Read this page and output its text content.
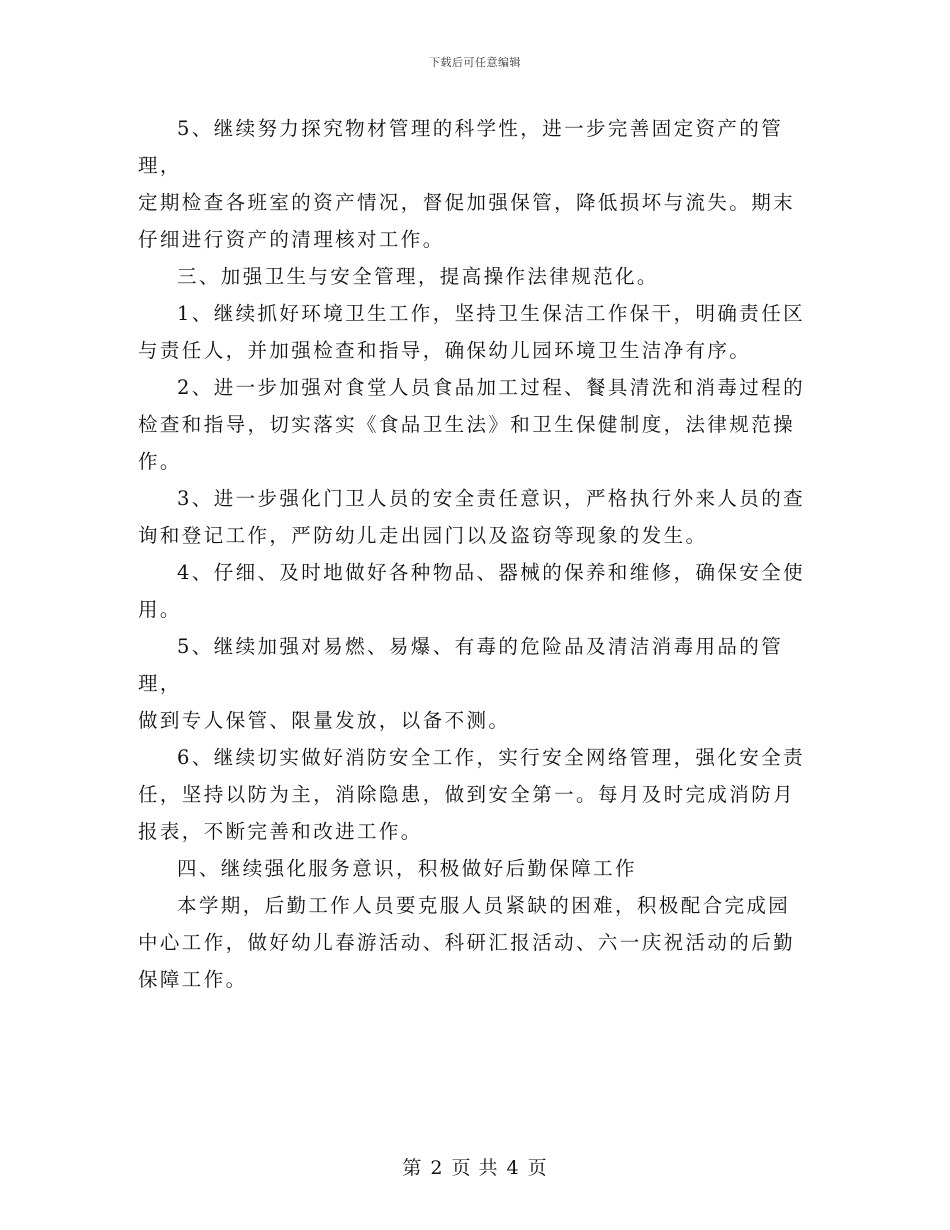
下载后可任意编辑

5、继续努力探究物材管理的科学性，进一步完善固定资产的管理，
定期检查各班室的资产情况，督促加强保管，降低损坏与流失。期末
仔细进行资产的清理核对工作。

三、加强卫生与安全管理，提高操作法律规范化。

1、继续抓好环境卫生工作，坚持卫生保洁工作保干，明确责任区
与责任人，并加强检查和指导，确保幼儿园环境卫生洁净有序。

2、进一步加强对食堂人员食品加工过程、餐具清洗和消毒过程的
检查和指导，切实落实《食品卫生法》和卫生保健制度，法律规范操
作。

3、进一步强化门卫人员的安全责任意识，严格执行外来人员的查
询和登记工作，严防幼儿走出园门以及盗窃等现象的发生。

4、仔细、及时地做好各种物品、器械的保养和维修，确保安全使
用。

5、继续加强对易燃、易爆、有毒的危险品及清洁消毒用品的管理，
做到专人保管、限量发放，以备不测。

6、继续切实做好消防安全工作，实行安全网络管理，强化安全责
任，坚持以防为主，消除隐患，做到安全第一。每月及时完成消防月
报表，不断完善和改进工作。

四、继续强化服务意识，积极做好后勤保障工作

本学期，后勤工作人员要克服人员紧缺的困难，积极配合完成园
中心工作，做好幼儿春游活动、科研汇报活动、六一庆祝活动的后勤
保障工作。

第 2 页 共 4 页
